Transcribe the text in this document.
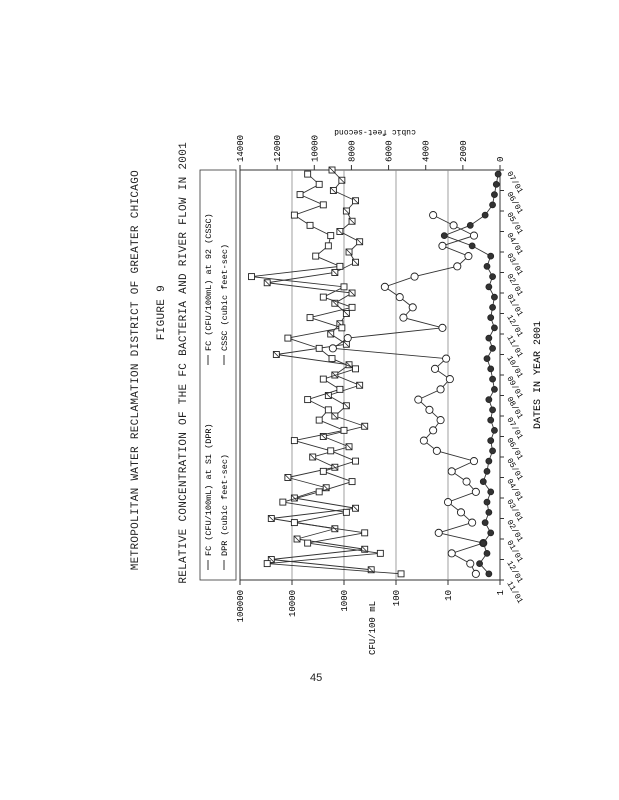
METROPOLITAN WATER RECLAMATION DISTRICT OF GREATER CHICAGO FIGURE 9 RELATIVE CONCENTRATION OF THE FC BACTERIA AND RIVER FLOW IN 2001
1
10
100
1000
10000
100000	CFU/100 mL
0
2000
4000
6000
8000
10000
12000
14000
cubic feet-second
11/01
12/01
01/01
02/01
03/01
04/01
05/01
06/01
07/01
08/01
09/01
10/01
11/01
12/01
01/01
02/01
03/01
04/01
05/01
06/01
07/01
DATES IN YEAR 2001
FC (CFU/100mL) at S1 (DPR) DPR (cubic feet-sec)
FC (CFU/100mL) at 92 (CSSC) CSSC (cubic feet-sec)
45
